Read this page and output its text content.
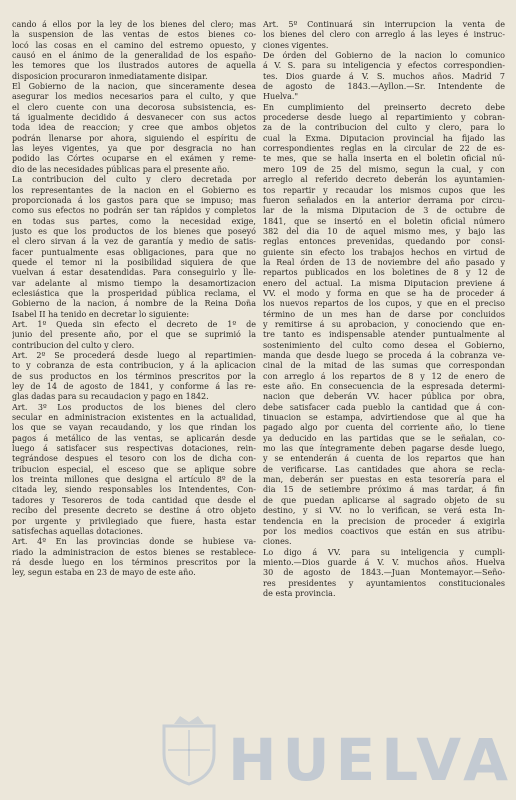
cando á ellos por la ley de los bienes del clero; mas
la suspension de las ventas de estos bienes co-
locó las cosas en el camino del estremo opuesto, y
causó en el ánimo de la generalidad de los españo-
les temores que los ilustrados autores de aquella
disposicion procuraron inmediatamente disipar.
El Gobierno de la nacion, que sinceramente desea
asegurar los medios necesarios para el culto, y que
el clero cuente con una decorosa subsistencia, es-
tá igualmente decidido á desvanecer con sus actos
toda idea de reaccion; y cree que ambos objetos
podrán llenarse por ahora, siguiendo el espíritu de
las leyes vigentes, ya que por desgracia no han
podido las Córtes ocuparse en el exámen y reme-
dio de las necesidades públicas para el presente año.
La contribucion del culto y clero decretada por
los representantes de la nacion en el Gobierno es
proporcionada á los gastos para que se impuso; mas
como sus efectos no podrán ser tan rápidos y completos
en todas sus partes, como la necesidad exige,
justo es que los productos de los bienes que poseyó
el clero sirvan á la vez de garantía y medio de satis-
facer puntualmente esas obligaciones, para que no
quede el temor ni la posibilidad siquiera de que
vuelvan á estar desatendidas. Para conseguirlo y lle-
var adelante al mismo tiempo la desamortizacion
eclesiástica que la prosperidad pública reclama, el
Gobierno de la nacion, á nombre de la Reina Doña
Isabel II ha tenido en decretar lo siguiente:
Art. 1º Queda sin efecto el decreto de 1º de
junio del presente año, por el que se suprimió la
contribucion del culto y clero.
Art. 2º Se procederá desde luego al repartimien-
to y cobranza de esta contribucion, y á la aplicacion
de sus productos en los términos prescritos por la
ley de 14 de agosto de 1841, y conforme á las re-
glas dadas para su recaudacion y pago en 1842.
Art. 3º Los productos de los bienes del clero
secular en administracion existentes en la actualidad,
los que se vayan recaudando, y los que rindan los
pagos á metálico de las ventas, se aplicarán desde
luego á satisfacer sus respectivas dotaciones, rein-
tegrándose despues el tesoro con los de dicha con-
tribucion especial, el esceso que se aplique sobre
los treinta millones que designa el artículo 8º de la
citada ley, siendo responsables los Intendentes, Con-
tadores y Tesoreros de toda cantidad que desde el
recibo del presente decreto se destine á otro objeto
por urgente y privilegiado que fuere, hasta estar
satisfechas aquellas dotaciones.
Art. 4º En las provincias donde se hubiese va-
riado la administracion de estos bienes se restablece-
rá desde luego en los términos prescritos por la
ley, segun estaba en 23 de mayo de este año.
Art. 5º Continuará sin interrupcion la venta de
los bienes del clero con arreglo á las leyes é instruc-
ciones vigentes.
De órden del Gobierno de la nacion lo comunico
á V. S. para su inteligencia y efectos correspondien-
tes. Dios guarde á V. S. muchos años. Madrid 7
de agosto de 1843.—Ayllon.—Sr. Intendente de
Huelva."
En cumplimiento del preinserto decreto debe
procederse desde luego al repartimiento y cobran-
za de la contribucion del culto y clero, para lo
cual la Exma. Diputacion provincial ha fijado las
correspondientes reglas en la circular de 22 de es-
te mes, que se halla inserta en el boletin oficial nú-
mero 109 de 25 del mismo, segun la cual, y con
arreglo al referido decreto deberán los ayuntamien-
tos repartir y recaudar los mismos cupos que les
fueron señalados en la anterior derrama por circu-
lar de la misma Diputacion de 3 de octubre de
1841, que se insertó en el boletin oficial número
382 del dia 10 de aquel mismo mes, y bajo las
reglas entonces prevenidas, quedando por consi-
guiente sin efecto los trabajos hechos en virtud de
la Real órden de 13 de noviembre del año pasado y
repartos publicados en los boletines de 8 y 12 de
enero del actual. La misma Diputacion previene á
VV. el modo y forma en que se ha de proceder á
los nuevos repartos de los cupos, y que en el preciso
término de un mes han de darse por concluidos
y remitirse á su aprobacion, y conociendo que en-
tre tanto es indispensable atender puntualmente al
sostenimiento del culto como desea el Gobierno,
manda que desde luego se proceda á la cobranza ve-
cinal de la mitad de las sumas que correspondan
con arreglo á los repartos de 8 y 12 de enero de
este año. En consecuencia de la espresada determi-
nacion que deberán VV. hacer pública por obra,
debe satisfacer cada pueblo la cantidad que á con-
tinuacion se estampa, advirtiendose que al que ha
pagado algo por cuenta del corriente año, lo tiene
ya deducido en las partidas que se le señalan, co-
mo las que íntegramente deben pagarse desde luego,
y se entenderán á cuenta de los repartos que han
de verificarse. Las cantidades que ahora se recla-
man, deberán ser puestas en esta tesorería para el
dia 15 de setiembre próximo á mas tardar, á fin
de que puedan aplicarse al sagrado objeto de su
destino, y si VV. no lo verifican, se verá esta In-
tendencia en la precision de proceder á exigirla
por los medios coactivos que están en sus atribu-
ciones.
Lo digo á VV. para su inteligencia y cumpli-
miento.—Dios guarde á V. V. muchos años. Huelva
30 de agosto de 1843.—Juan Montemayor.—Seño-
res presidentes y ayuntamientos constitucionales
de esta provincia.
HUELVA
